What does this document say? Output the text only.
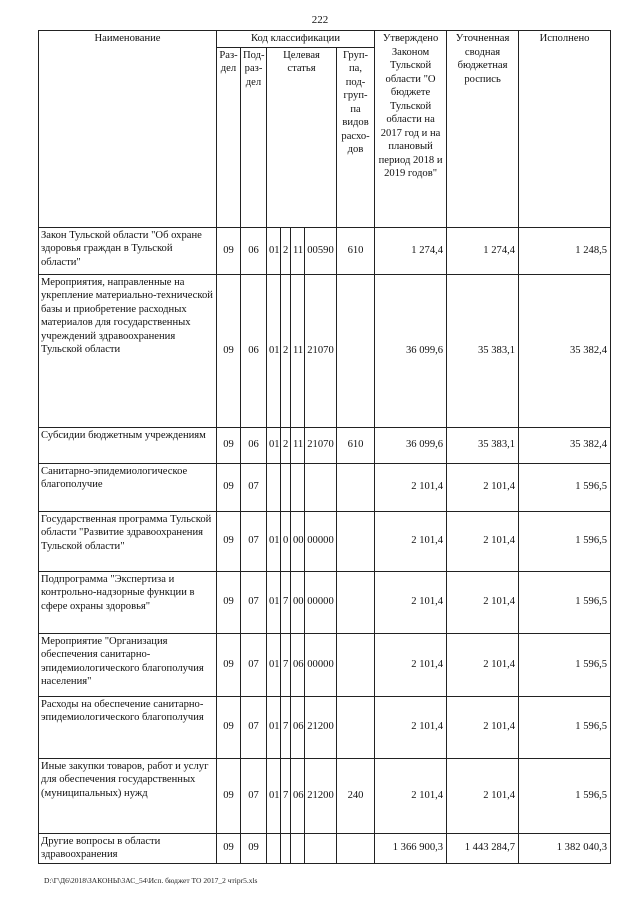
222
Наименование	Код классификации							Утверждено Законом Тульской области "О бюджете Тульской области на 2017 год и на плановый период 2018 и 2019 годов"	Уточненная сводная бюджетная роспись	Исполнено
	Раз-дел	Под-раз-дел	Целевая статья				Груп-па, под-груп-па видов расхо-дов			
Закон Тульской области "Об охране здоровья граждан в Тульской области"	09	06	01	2	11	00590	610	1 274,4	1 274,4	1 248,5
Мероприятия, направленные на укрепление материально-технической базы и приобретение расходных материалов для государственных учреждений здравоохранения Тульской области	09	06	01	2	11	21070		36 099,6	35 383,1	35 382,4
Субсидии бюджетным учреждениям	09	06	01	2	11	21070	610	36 099,6	35 383,1	35 382,4
Санитарно-эпидемиологическое благополучие	09	07						2 101,4	2 101,4	1 596,5
Государственная программа Тульской области "Развитие здравоохранения Тульской области"	09	07	01	0	00	00000		2 101,4	2 101,4	1 596,5
Подпрограмма "Экспертиза и контрольно-надзорные функции в сфере охраны здоровья"	09	07	01	7	00	00000		2 101,4	2 101,4	1 596,5
Мероприятие "Организация обеспечения санитарно-эпидемиологического благополучия населения"	09	07	01	7	06	00000		2 101,4	2 101,4	1 596,5
Расходы на обеспечение санитарно-эпидемиологического благополучия	09	07	01	7	06	21200		2 101,4	2 101,4	1 596,5
Иные закупки товаров, работ и услуг для обеспечения государственных (муниципальных) нужд	09	07	01	7	06	21200	240	2 101,4	2 101,4	1 596,5
Другие вопросы в области здравоохранения	09	09						1 366 900,3	1 443 284,7	1 382 040,3
D:\Г\Д6\2018\ЗАКОНЫ\3АС_54\Исп. бюджет ТО 2017_2 чтіpr5.xls
